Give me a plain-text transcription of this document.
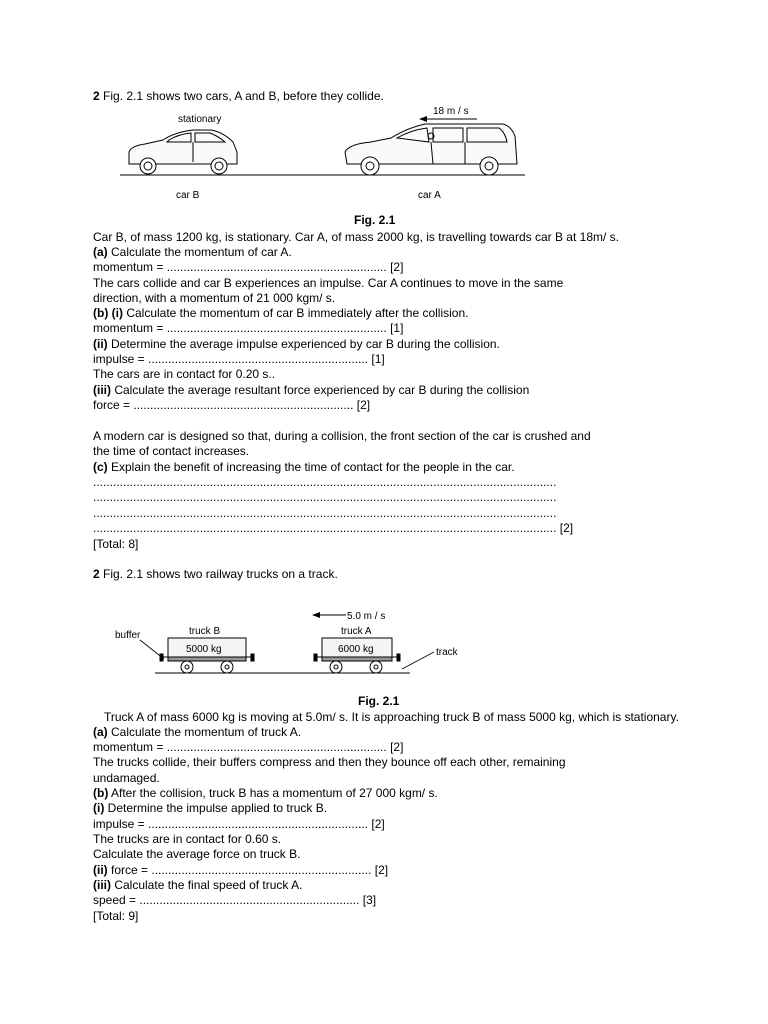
2 Fig. 2.1 shows two cars, A and B, before they collide.
stationary
18 m / s
car B	car A
Fig. 2.1
Car B, of mass 1200 kg, is stationary. Car A, of mass 2000 kg, is travelling towards car B at 18m/ s.
(a) Calculate the momentum of car A.
momentum = .................................................................. [2]
The cars collide and car B experiences an impulse. Car A continues to move in the same
direction, with a momentum of 21 000 kgm/ s.
(b) (i) Calculate the momentum of car B immediately after the collision.
momentum = .................................................................. [1]
(ii) Determine the average impulse experienced by car B during the collision.
impulse = .................................................................. [1]
The cars are in contact for 0.20 s..
(iii) Calculate the average resultant force experienced by car B during the collision
force = .................................................................. [2]
A modern car is designed so that, during a collision, the front section of the car is crushed and
the time of contact increases.
(c) Explain the benefit of increasing the time of contact for the people in the car.
...........................................................................................................................................
...........................................................................................................................................
...........................................................................................................................................
........................................................................................................................................... [2]
[Total: 8]
2 Fig. 2.1 shows two railway trucks on a track.
5.0 m / s
buffer	truck B	truck A
5000 kg	6000 kg	track
Fig. 2.1
Truck A of mass 6000 kg is moving at 5.0m/ s. It is approaching truck B of mass 5000 kg, which is stationary.
(a) Calculate the momentum of truck A.
momentum = .................................................................. [2]
The trucks collide, their buffers compress and then they bounce off each other, remaining
undamaged.
(b) After the collision, truck B has a momentum of 27 000 kgm/ s.
(i) Determine the impulse applied to truck B.
impulse = .................................................................. [2]
The trucks are in contact for 0.60 s.
Calculate the average force on truck B.
(ii) force = .................................................................. [2]
(iii) Calculate the final speed of truck A.
speed = .................................................................. [3]
[Total: 9]
